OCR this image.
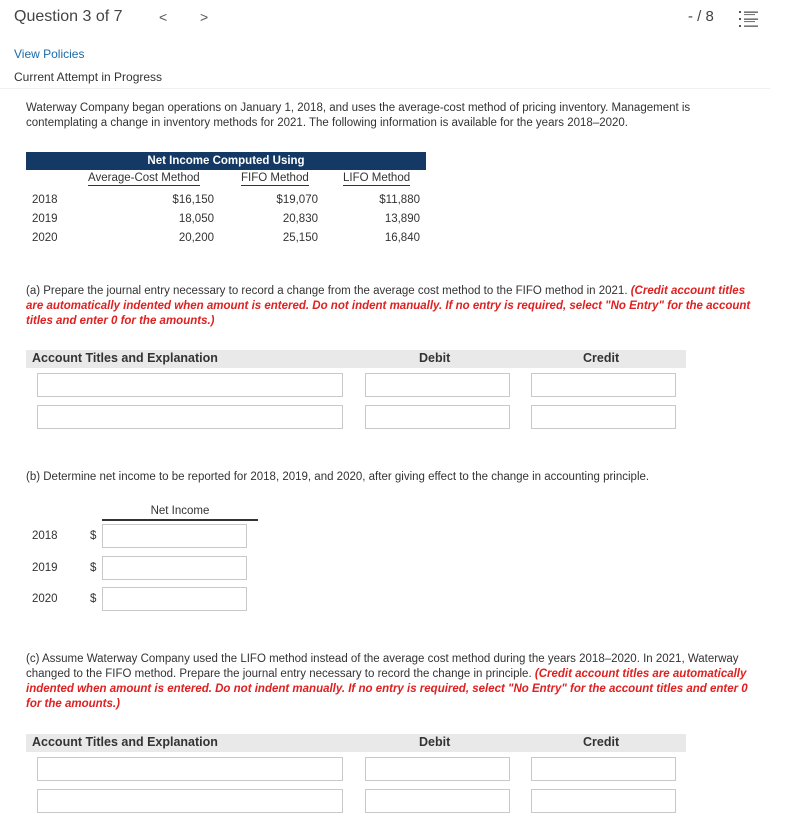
Question 3 of 7	< >	- / 8
View Policies
Current Attempt in Progress
Waterway Company began operations on January 1, 2018, and uses the average-cost method of pricing inventory. Management is contemplating a change in inventory methods for 2021. The following information is available for the years 2018–2020.
Net Income Computed Using
Average-Cost Method	FIFO Method	LIFO Method
2018	$16,150	$19,070	$11,880
2019	18,050	20,830	13,890
2020	20,200	25,150	16,840
(a) Prepare the journal entry necessary to record a change from the average cost method to the FIFO method in 2021. (Credit account titles are automatically indented when amount is entered. Do not indent manually. If no entry is required, select "No Entry" for the account titles and enter 0 for the amounts.)
Account Titles and Explanation	Debit	Credit
(b) Determine net income to be reported for 2018, 2019, and 2020, after giving effect to the change in accounting principle.
Net Income
2018	$
2019	$
2020	$
(c) Assume Waterway Company used the LIFO method instead of the average cost method during the years 2018–2020. In 2021, Waterway changed to the FIFO method. Prepare the journal entry necessary to record the change in principle. (Credit account titles are automatically indented when amount is entered. Do not indent manually. If no entry is required, select "No Entry" for the account titles and enter 0 for the amounts.)
Account Titles and Explanation	Debit	Credit
